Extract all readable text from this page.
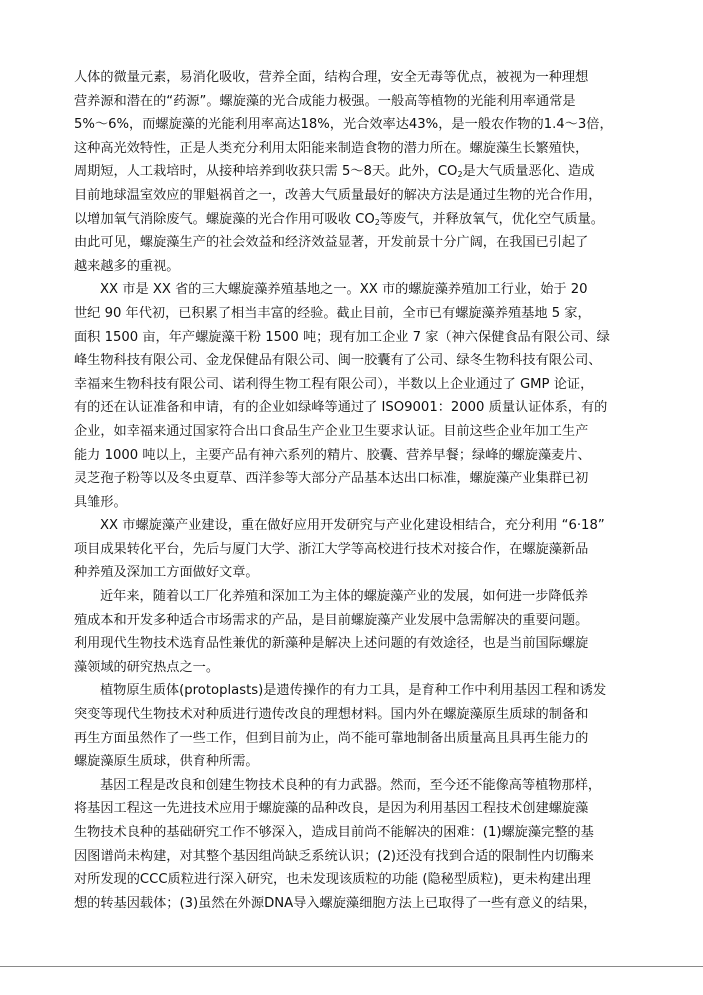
人体的微量元素，易消化吸收，营养全面，结构合理，安全无毒等优点，被视为一种理想
营养源和潜在的“药源”。螺旋藻的光合成能力极强。一般高等植物的光能利用率通常是
5%～6%，而螺旋藻的光能利用率高达18%，光合效率达43%，是一般农作物的1.4～3倍，
这种高光效特性，正是人类充分利用太阳能来制造食物的潜力所在。螺旋藻生长繁殖快，
周期短，人工栽培时，从接种培养到收获只需 5～8天。此外，$CO_2$是大气质量恶化、造成
目前地球温室效应的罪魁祸首之一，改善大气质量最好的解决方法是通过生物的光合作用，
以增加氧气消除废气。螺旋藻的光合作用可吸收 $CO_2$等废气，并释放氧气，优化空气质量。
由此可见，螺旋藻生产的社会效益和经济效益显著，开发前景十分广阔，在我国已引起了
越来越多的重视。
XX 市是 XX 省的三大螺旋藻养殖基地之一。XX 市的螺旋藻养殖加工行业，始于 20
世纪 90 年代初，已积累了相当丰富的经验。截止目前，全市已有螺旋藻养殖基地 5 家，
面积 1500 亩，年产螺旋藻干粉 1500 吨；现有加工企业 7 家（神六保健食品有限公司、绿
峰生物科技有限公司、金龙保健品有限公司、闽一胶囊有了公司、绿冬生物科技有限公司、
幸福来生物科技有限公司、诺利得生物工程有限公司），半数以上企业通过了 GMP 论证，
有的还在认证准备和申请，有的企业如绿峰等通过了 ISO9001：2000 质量认证体系，有的
企业，如幸福来通过国家符合出口食品生产企业卫生要求认证。目前这些企业年加工生产
能力 1000 吨以上，主要产品有神六系列的精片、胶囊、营养早餐；绿峰的螺旋藻麦片、
灵芝孢子粉等以及冬虫夏草、西洋参等大部分产品基本达出口标准，螺旋藻产业集群已初
具雏形。
XX 市螺旋藻产业建设，重在做好应用开发研究与产业化建设相结合，充分利用 “6·18”
项目成果转化平台，先后与厦门大学、浙江大学等高校进行技术对接合作，在螺旋藻新品
种养殖及深加工方面做好文章。
近年来，随着以工厂化养殖和深加工为主体的螺旋藻产业的发展，如何进一步降低养
殖成本和开发多种适合市场需求的产品，是目前螺旋藻产业发展中急需解决的重要问题。
利用现代生物技术选育品性兼优的新藻种是解决上述问题的有效途径，也是当前国际螺旋
藻领域的研究热点之一。
植物原生质体(protoplasts)是遗传操作的有力工具，是育种工作中利用基因工程和诱发
突变等现代生物技术对种质进行遗传改良的理想材料。国内外在螺旋藻原生质球的制备和
再生方面虽然作了一些工作，但到目前为止，尚不能可靠地制备出质量高且具再生能力的
螺旋藻原生质球，供育种所需。
基因工程是改良和创建生物技术良种的有力武器。然而，至今还不能像高等植物那样，
将基因工程这一先进技术应用于螺旋藻的品种改良，是因为利用基因工程技术创建螺旋藻
生物技术良种的基础研究工作不够深入，造成目前尚不能解决的困难：(1)螺旋藻完整的基
因图谱尚未构建，对其整个基因组尚缺乏系统认识；(2)还没有找到合适的限制性内切酶来
对所发现的CCC质粒进行深入研究，也未发现该质粒的功能 (隐秘型质粒)，更未构建出理
想的转基因载体；(3)虽然在外源DNA导入螺旋藻细胞方法上已取得了一些有意义的结果，
